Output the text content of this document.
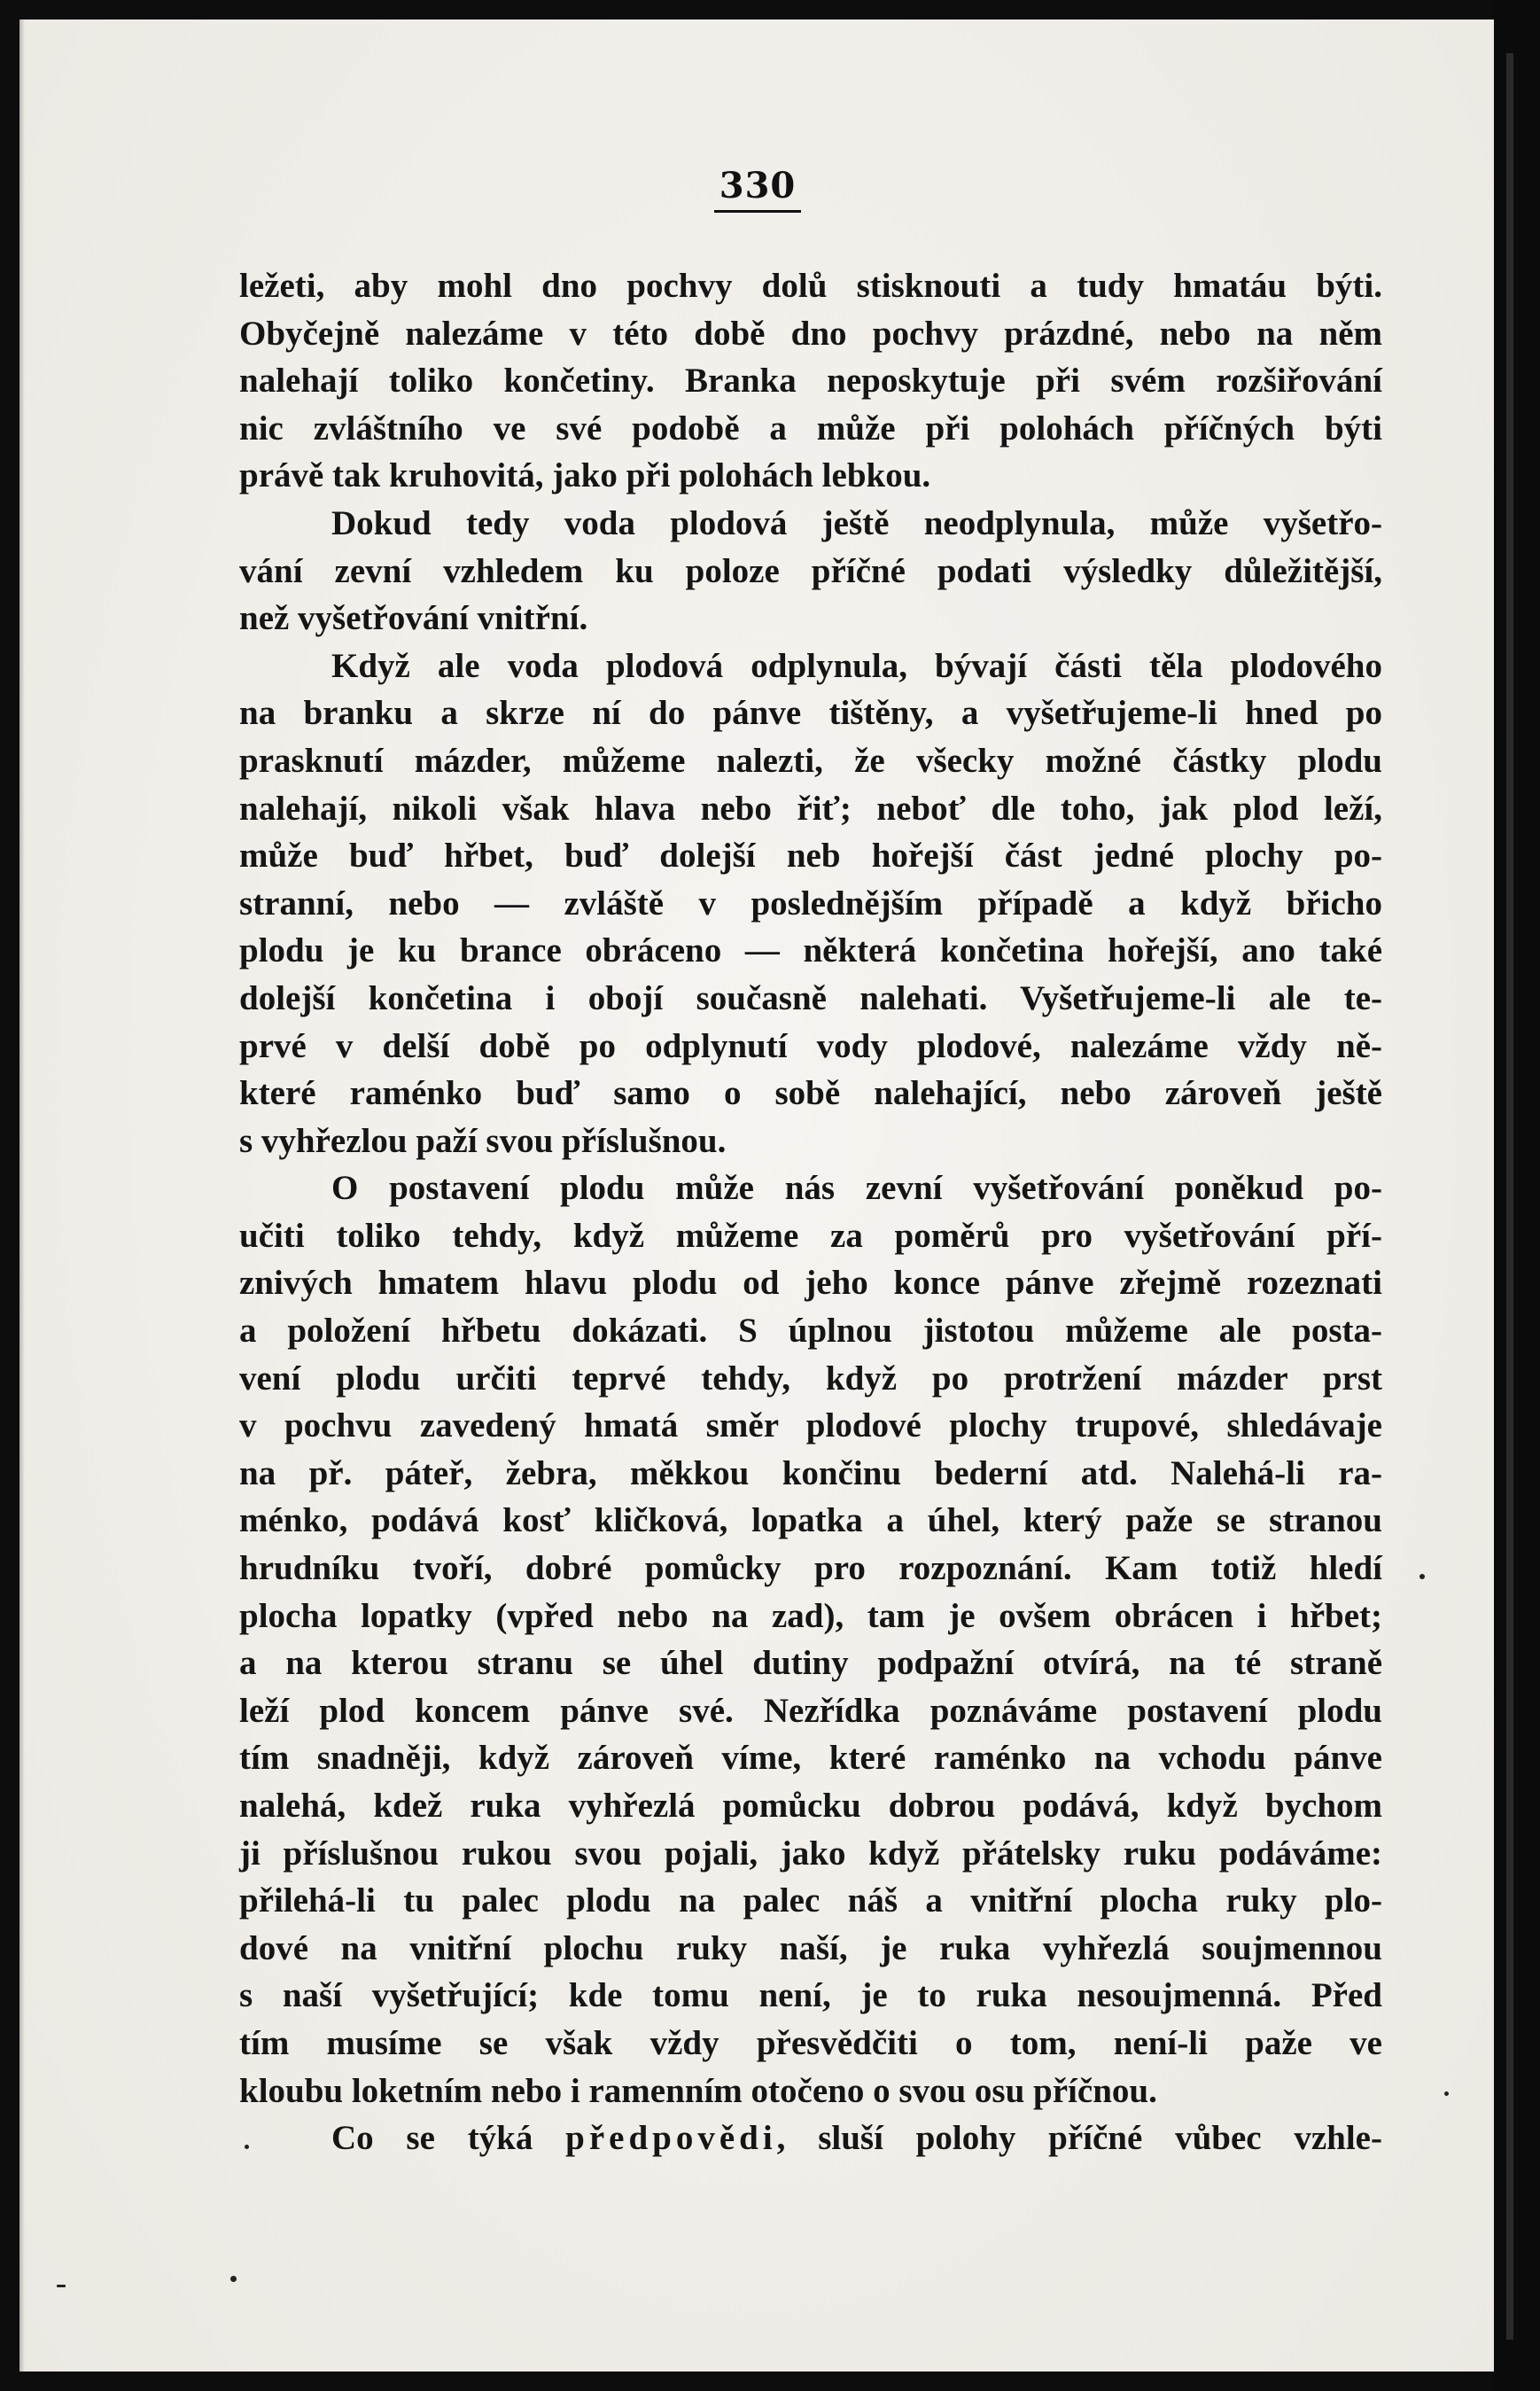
330
ležeti, aby mohl dno pochvy dolů stisknouti a tudy hmatáu býti.
Obyčejně nalezáme v této době dno pochvy prázdné, nebo na něm
nalehají toliko končetiny. Branka neposkytuje při svém rozšiřování
nic zvláštního ve své podobě a může při polohách příčných býti
právě tak kruhovitá, jako při polohách lebkou.
Dokud tedy voda plodová ještě neodplynula, může vyšetřo-
vání zevní vzhledem ku poloze příčné podati výsledky důležitější,
než vyšetřování vnitřní.
Když ale voda plodová odplynula, bývají části těla plodového
na branku a skrze ní do pánve tištěny, a vyšetřujeme-li hned po
prasknutí mázder, můžeme nalezti, že všecky možné částky plodu
nalehají, nikoli však hlava nebo řiť; neboť dle toho, jak plod leží,
může buď hřbet, buď dolejší neb hořejší část jedné plochy po-
stranní, nebo — zvláště v poslednějším případě a když břicho
plodu je ku brance obráceno — některá končetina hořejší, ano také
dolejší končetina i obojí současně nalehati. Vyšetřujeme-li ale te-
prvé v delší době po odplynutí vody plodové, nalezáme vždy ně-
které raménko buď samo o sobě nalehající, nebo zároveň ještě
s vyhřezlou paží svou příslušnou.
O postavení plodu může nás zevní vyšetřování poněkud po-
učiti toliko tehdy, když můžeme za poměrů pro vyšetřování pří-
znivých hmatem hlavu plodu od jeho konce pánve zřejmě rozeznati
a položení hřbetu dokázati. S úplnou jistotou můžeme ale posta-
vení plodu určiti teprvé tehdy, když po protržení mázder prst
v pochvu zavedený hmatá směr plodové plochy trupové, shledávaje
na př. páteř, žebra, měkkou končinu bederní atd. Nalehá-li ra-
ménko, podává kosť kličková, lopatka a úhel, který paže se stranou
hrudníku tvoří, dobré pomůcky pro rozpoznání. Kam totiž hledí
plocha lopatky (vpřed nebo na zad), tam je ovšem obrácen i hřbet;
a na kterou stranu se úhel dutiny podpažní otvírá, na té straně
leží plod koncem pánve své. Nezřídka poznáváme postavení plodu
tím snadněji, když zároveň víme, které raménko na vchodu pánve
nalehá, kdež ruka vyhřezlá pomůcku dobrou podává, když bychom
ji příslušnou rukou svou pojali, jako když přátelsky ruku podáváme:
přilehá-li tu palec plodu na palec náš a vnitřní plocha ruky plo-
dové na vnitřní plochu ruky naší, je ruka vyhřezlá soujmennou
s naší vyšetřující; kde tomu není, je to ruka nesoujmenná. Před
tím musíme se však vždy přesvědčiti o tom, není-li paže ve
kloubu loketním nebo i ramenním otočeno o svou osu příčnou.
Co se týká předpovědi, sluší polohy příčné vůbec vzhle-
